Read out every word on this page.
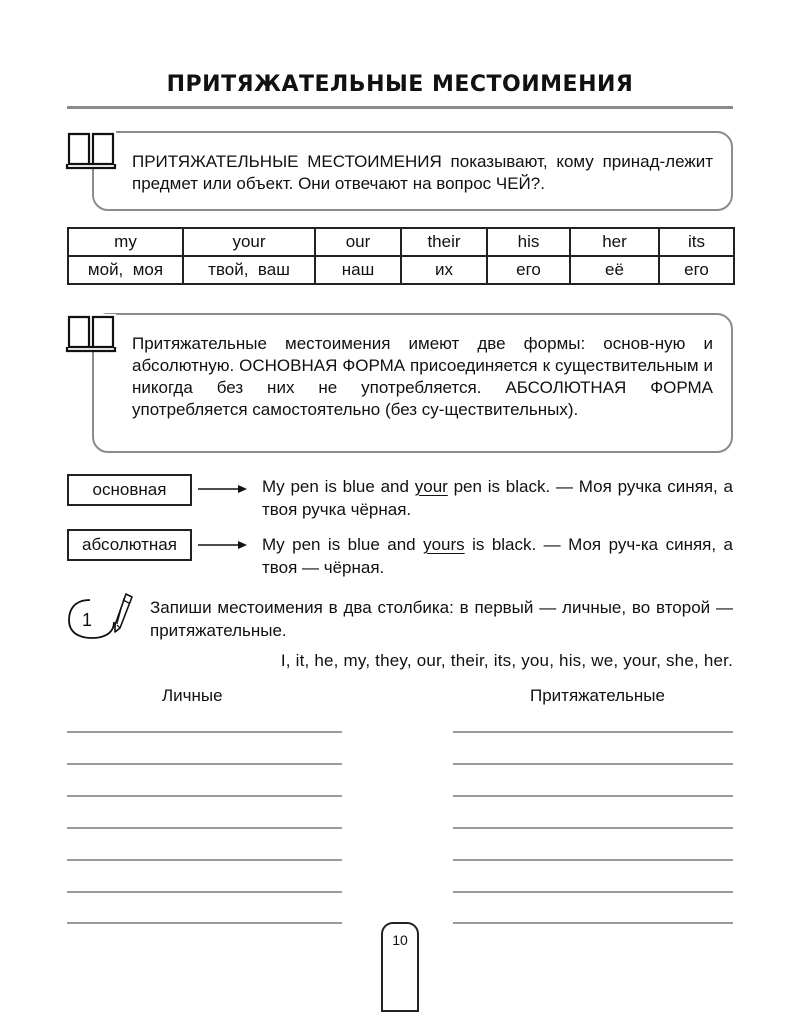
ПРИТЯЖАТЕЛЬНЫЕ МЕСТОИМЕНИЯ

ПРИТЯЖАТЕЛЬНЫЕ МЕСТОИМЕНИЯ показывают, кому принад-лежит предмет или объект. Они отвечают на вопрос ЧЕЙ?.

my	your	our	their	his	her	its
мой,  моя	твой,  ваш	наш	их	его	её	его

Притяжательные местоимения имеют две формы: основ-ную и абсолютную. ОСНОВНАЯ ФОРМА присоединяется к существительным и никогда без них не употребляется. АБСОЛЮТНАЯ ФОРМА употребляется самостоятельно (без су-ществительных).

основная	My pen is blue and your pen is black. — Моя ручка синяя, а твоя ручка чёрная.
абсолютная	My pen is blue and yours is black. — Моя руч-ка синяя, а твоя — чёрная.
1
Запиши местоимения в два столбика: в первый — личные, во второй — притяжательные.
I, it, he, my, they, our, their, its, you, his, we, your, she, her.
Личные	Притяжательные
10
